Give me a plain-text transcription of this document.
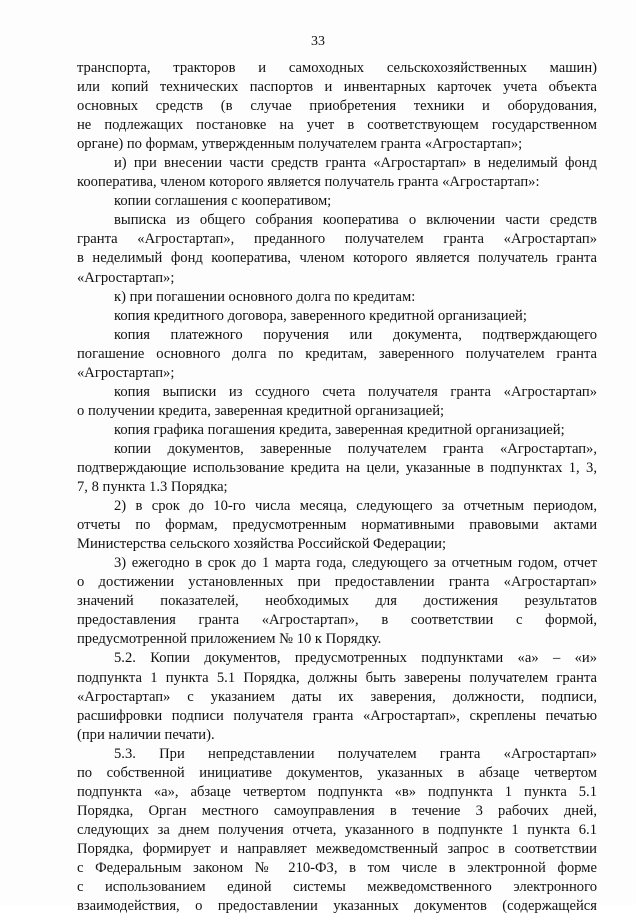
33
транспорта, тракторов и самоходных сельскохозяйственных машин)
или копий технических паспортов и инвентарных карточек учета объекта
основных средств (в случае приобретения техники и оборудования,
не подлежащих постановке на учет в соответствующем государственном
органе) по формам, утвержденным получателем гранта «Агростартап»;
и) при внесении части средств гранта «Агростартап» в неделимый фонд
кооператива, членом которого является получатель гранта «Агростартап»:
копии соглашения с кооперативом;
выписка из общего собрания кооператива о включении части средств
гранта «Агростартап», преданного получателем гранта «Агростартап»
в неделимый фонд кооператива, членом которого является получатель гранта
«Агростартап»;
к) при погашении основного долга по кредитам:
копия кредитного договора, заверенного кредитной организацией;
копия платежного поручения или документа, подтверждающего
погашение основного долга по кредитам, заверенного получателем гранта
«Агростартап»;
копия выписки из ссудного счета получателя гранта «Агростартап»
о получении кредита, заверенная кредитной организацией;
копия графика погашения кредита, заверенная кредитной организацией;
копии документов, заверенные получателем гранта «Агростартап»,
подтверждающие использование кредита на цели, указанные в подпунктах 1, 3,
7, 8 пункта 1.3 Порядка;
2) в срок до 10-го числа месяца, следующего за отчетным периодом,
отчеты по формам, предусмотренным нормативными правовыми актами
Министерства сельского хозяйства Российской Федерации;
3) ежегодно в срок до 1 марта года, следующего за отчетным годом, отчет
о достижении установленных при предоставлении гранта «Агростартап»
значений показателей, необходимых для достижения результатов
предоставления гранта «Агростартап», в соответствии с формой,
предусмотренной приложением № 10 к Порядку.
5.2. Копии документов, предусмотренных подпунктами «а» – «и»
подпункта 1 пункта 5.1 Порядка, должны быть заверены получателем гранта
«Агростартап» с указанием даты их заверения, должности, подписи,
расшифровки подписи получателя гранта «Агростартап», скреплены печатью
(при наличии печати).
5.3. При непредставлении получателем гранта «Агростартап»
по собственной инициативе документов, указанных в абзаце четвертом
подпункта «а», абзаце четвертом подпункта «в» подпункта 1 пункта 5.1
Порядка, Орган местного самоуправления в течение 3 рабочих дней,
следующих за днем получения отчета, указанного в подпункте 1 пункта 6.1
Порядка, формирует и направляет межведомственный запрос в соответствии
с Федеральным законом № 210-ФЗ, в том числе в электронной форме
с использованием единой системы межведомственного электронного
взаимодействия, о предоставлении указанных документов (содержащейся
